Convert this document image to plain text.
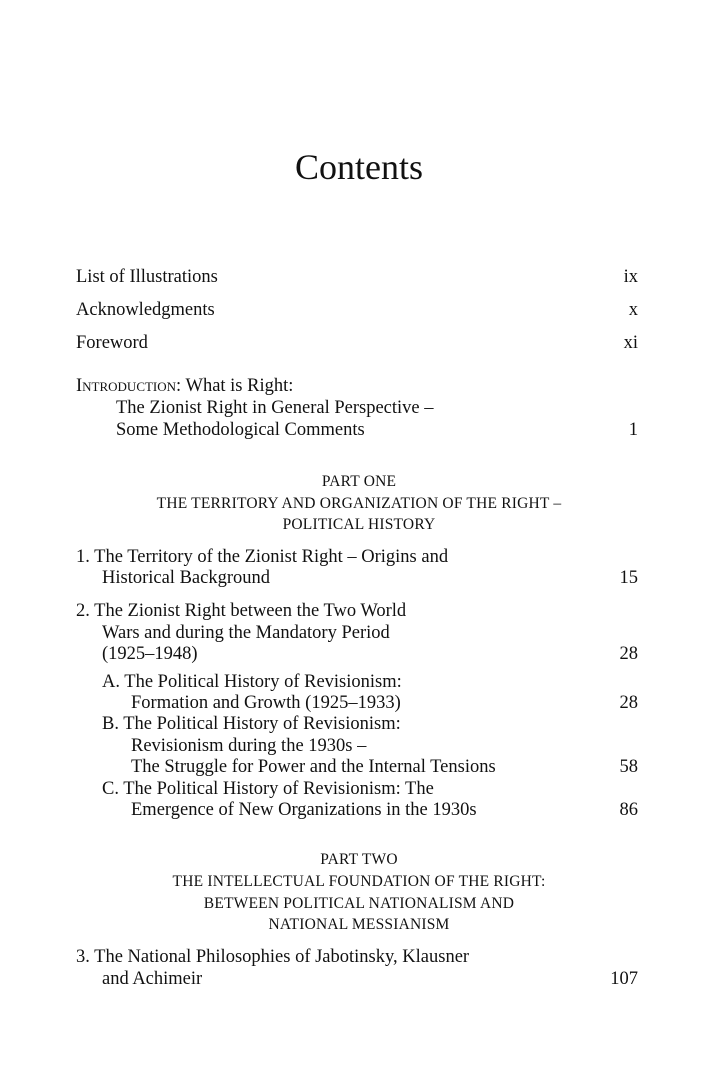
Contents
List of Illustrations	ix
Acknowledgments	x
Foreword	xi
Introduction: What is Right:
The Zionist Right in General Perspective –
Some Methodological Comments	1
PART ONE
THE TERRITORY AND ORGANIZATION OF THE RIGHT –
POLITICAL HISTORY
1. The Territory of the Zionist Right – Origins and
Historical Background	15
2. The Zionist Right between the Two World
Wars and during the Mandatory Period
(1925–1948)	28
A. The Political History of Revisionism:
Formation and Growth (1925–1933)	28
B. The Political History of Revisionism:
Revisionism during the 1930s –
The Struggle for Power and the Internal Tensions	58
C. The Political History of Revisionism: The
Emergence of New Organizations in the 1930s	86
PART TWO
THE INTELLECTUAL FOUNDATION OF THE RIGHT:
BETWEEN POLITICAL NATIONALISM AND
NATIONAL MESSIANISM
3. The National Philosophies of Jabotinsky, Klausner
and Achimeir	107
